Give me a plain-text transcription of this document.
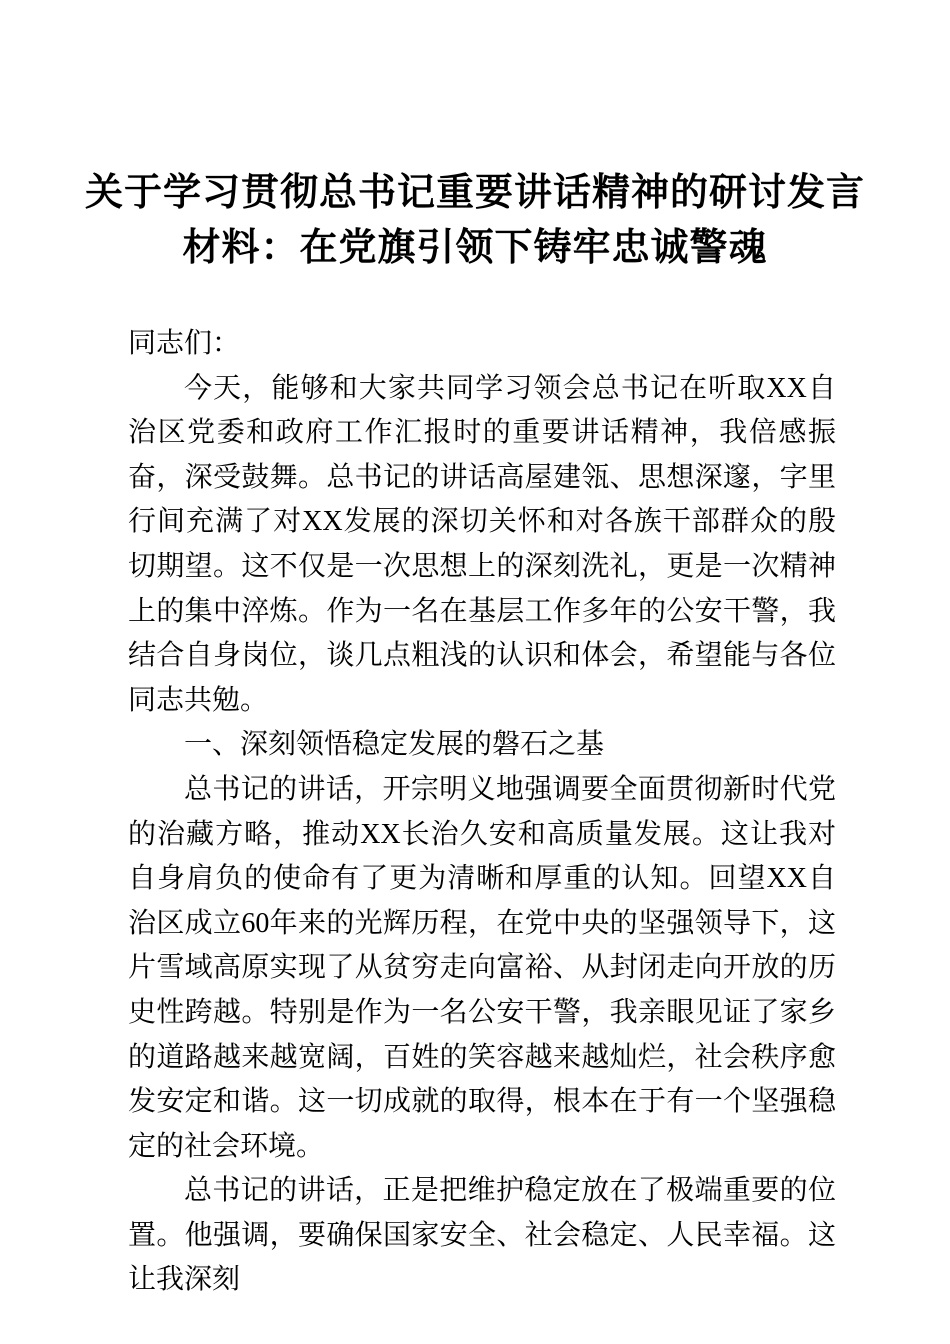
关于学习贯彻总书记重要讲话精神的研讨发言
材料：在党旗引领下铸牢忠诚警魂

同志们：

今天，能够和大家共同学习领会总书记在听取XX自治区党委和政府工作汇报时的重要讲话精神，我倍感振奋，深受鼓舞。总书记的讲话高屋建瓴、思想深邃，字里行间充满了对XX发展的深切关怀和对各族干部群众的殷切期望。这不仅是一次思想上的深刻洗礼，更是一次精神上的集中淬炼。作为一名在基层工作多年的公安干警，我结合自身岗位，谈几点粗浅的认识和体会，希望能与各位同志共勉。

一、深刻领悟稳定发展的磐石之基

总书记的讲话，开宗明义地强调要全面贯彻新时代党的治藏方略，推动XX长治久安和高质量发展。这让我对自身肩负的使命有了更为清晰和厚重的认知。回望XX自治区成立60年来的光辉历程，在党中央的坚强领导下，这片雪域高原实现了从贫穷走向富裕、从封闭走向开放的历史性跨越。特别是作为一名公安干警，我亲眼见证了家乡的道路越来越宽阔，百姓的笑容越来越灿烂，社会秩序愈发安定和谐。这一切成就的取得，根本在于有一个坚强稳定的社会环境。

总书记的讲话，正是把维护稳定放在了极端重要的位置。他强调，要确保国家安全、社会稳定、人民幸福。这让我深刻
